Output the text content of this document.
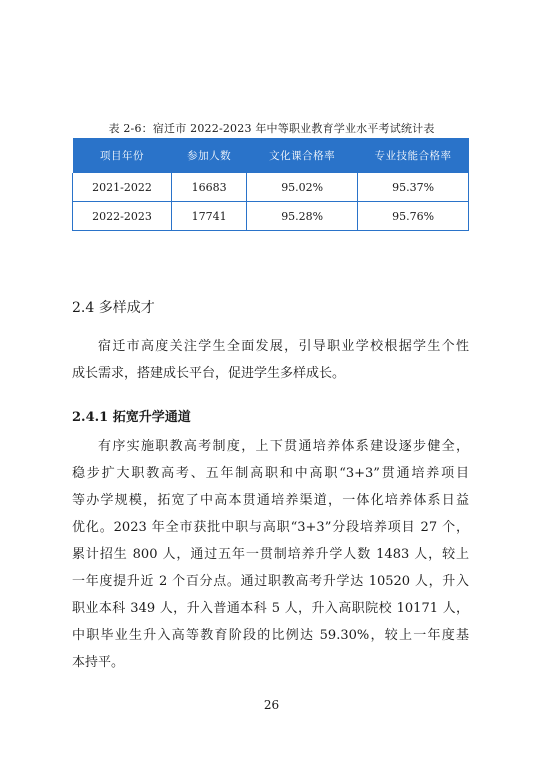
表 2-6：宿迁市 2022-2023 年中等职业教育学业水平考试统计表
项目年份	参加人数	文化课合格率	专业技能合格率
2021-2022	16683	95.02%	95.37%
2022-2023	17741	95.28%	95.76%
2.4 多样成才
宿迁市高度关注学生全面发展，引导职业学校根据学生个性
成长需求，搭建成长平台，促进学生多样成长。
2.4.1 拓宽升学通道
有序实施职教高考制度，上下贯通培养体系建设逐步健全，
稳步扩大职教高考、五年制高职和中高职“3+3”贯通培养项目
等办学规模，拓宽了中高本贯通培养渠道，一体化培养体系日益
优化。2023 年全市获批中职与高职“3+3”分段培养项目 27 个，
累计招生 800 人，通过五年一贯制培养升学人数 1483 人，较上
一年度提升近 2 个百分点。通过职教高考升学达 10520 人，升入
职业本科 349 人，升入普通本科 5 人，升入高职院校 10171 人，
中职毕业生升入高等教育阶段的比例达 59.30%，较上一年度基
本持平。
26
